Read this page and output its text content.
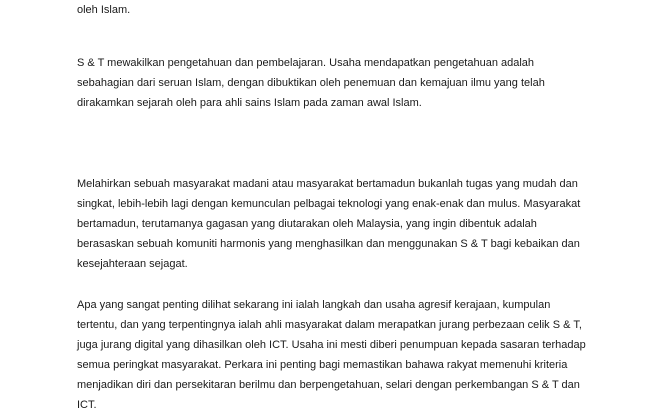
oleh Islam.

S & T mewakilkan pengetahuan dan pembelajaran. Usaha mendapatkan pengetahuan adalah
sebahagian dari seruan Islam, dengan dibuktikan oleh penemuan dan kemajuan ilmu yang telah
dirakamkan sejarah oleh para ahli sains Islam pada zaman awal Islam.

Melahirkan sebuah masyarakat madani atau masyarakat bertamadun bukanlah tugas yang mudah dan
singkat, lebih-lebih lagi dengan kemunculan pelbagai teknologi yang enak-enak dan mulus. Masyarakat
bertamadun, terutamanya gagasan yang diutarakan oleh Malaysia, yang ingin dibentuk adalah
berasaskan sebuah komuniti harmonis yang menghasilkan dan menggunakan S & T bagi kebaikan dan
kesejahteraan sejagat.

Apa yang sangat penting dilihat sekarang ini ialah langkah dan usaha agresif kerajaan, kumpulan
tertentu, dan yang terpentingnya ialah ahli masyarakat dalam merapatkan jurang perbezaan celik S & T,
juga jurang digital yang dihasilkan oleh ICT. Usaha ini mesti diberi penumpuan kepada sasaran terhadap
semua peringkat masyarakat. Perkara ini penting bagi memastikan bahawa rakyat memenuhi kriteria
menjadikan diri dan persekitaran berilmu dan berpengetahuan, selari dengan perkembangan S & T dan
ICT.
